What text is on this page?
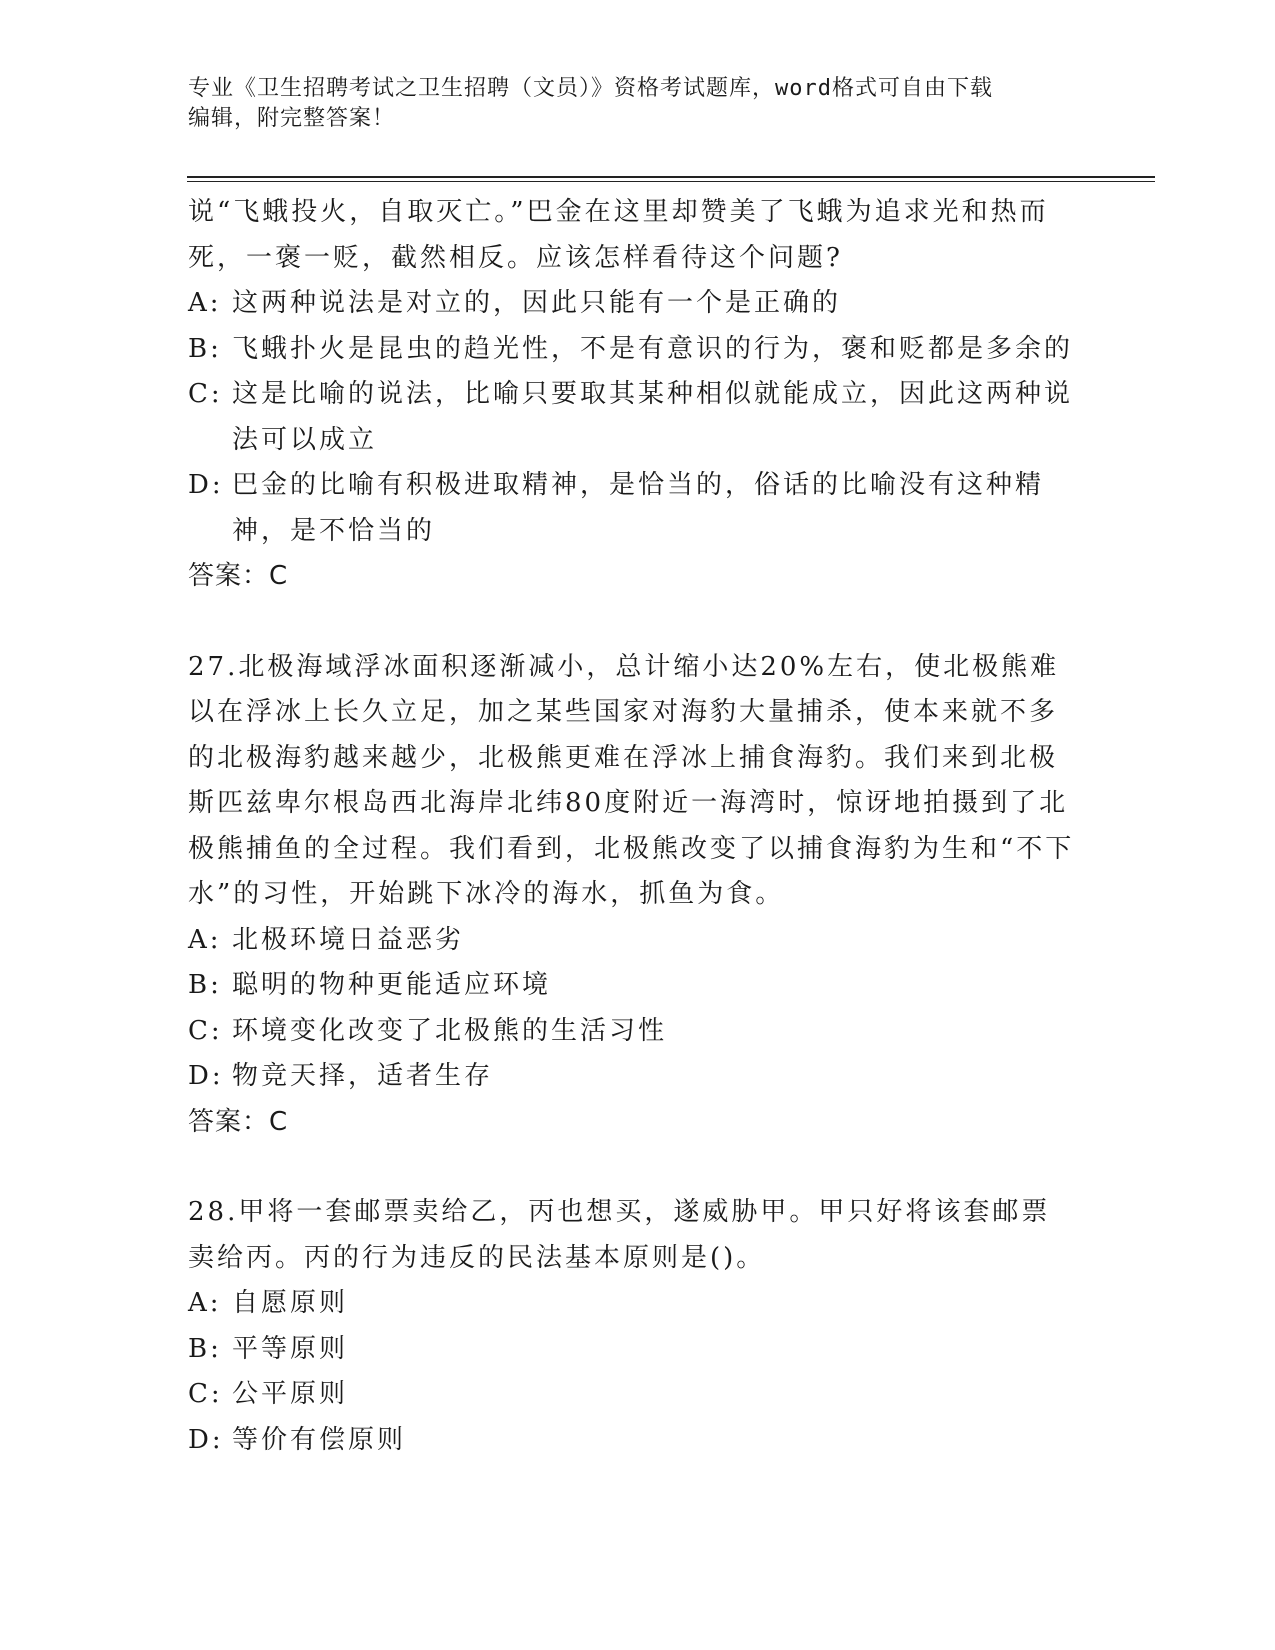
专业《卫生招聘考试之卫生招聘（文员）》资格考试题库，word格式可自由下载
编辑，附完整答案！

说“飞蛾投火，自取灭亡。”巴金在这里却赞美了飞蛾为追求光和热而死，一褒一贬，截然相反。应该怎样看待这个问题?

A: 这两种说法是对立的，因此只能有一个是正确的
B: 飞蛾扑火是昆虫的趋光性，不是有意识的行为，褒和贬都是多余的
C: 这是比喻的说法，比喻只要取其某种相似就能成立，因此这两种说法可以成立
D: 巴金的比喻有积极进取精神，是恰当的，俗话的比喻没有这种精神，是不恰当的

答案：C

27.北极海域浮冰面积逐渐减小，总计缩小达20%左右，使北极熊难以在浮冰上长久立足，加之某些国家对海豹大量捕杀，使本来就不多的北极海豹越来越少，北极熊更难在浮冰上捕食海豹。我们来到北极斯匹兹卑尔根岛西北海岸北纬80度附近一海湾时，惊讶地拍摄到了北极熊捕鱼的全过程。我们看到，北极熊改变了以捕食海豹为生和“不下水”的习性，开始跳下冰冷的海水，抓鱼为食。

A: 北极环境日益恶劣
B: 聪明的物种更能适应环境
C: 环境变化改变了北极熊的生活习性
D: 物竞天择，适者生存

答案：C

28.甲将一套邮票卖给乙，丙也想买，遂威胁甲。甲只好将该套邮票卖给丙。丙的行为违反的民法基本原则是()。

A: 自愿原则
B: 平等原则
C: 公平原则
D: 等价有偿原则
